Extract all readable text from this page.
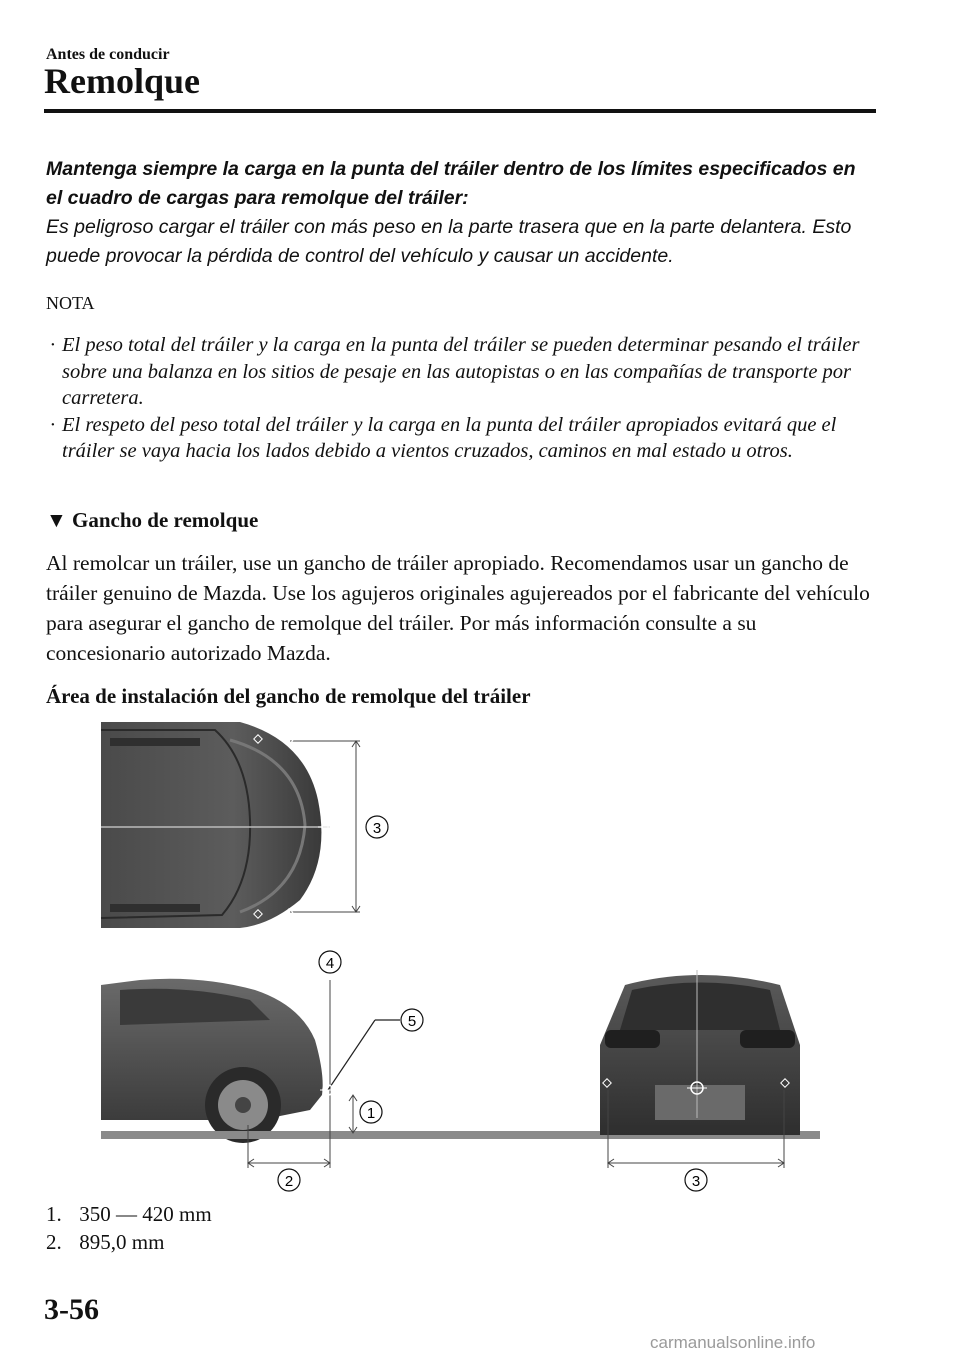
Antes de conducir
Remolque
Mantenga siempre la carga en la punta del tráiler dentro de los límites especificados en el cuadro de cargas para remolque del tráiler:
Es peligroso cargar el tráiler con más peso en la parte trasera que en la parte delantera. Esto puede provocar la pérdida de control del vehículo y causar un accidente.
NOTA
· El peso total del tráiler y la carga en la punta del tráiler se pueden determinar pesando el tráiler sobre una balanza en los sitios de pesaje en las autopistas o en las compañías de transporte por carretera.
· El respeto del peso total del tráiler y la carga en la punta del tráiler apropiados evitará que el tráiler se vaya hacia los lados debido a vientos cruzados, caminos en mal estado u otros.
▼ Gancho de remolque
Al remolcar un tráiler, use un gancho de tráiler apropiado. Recomendamos usar un gancho de tráiler genuino de Mazda. Use los agujeros originales agujereados por el fabricante del vehículo para asegurar el gancho de remolque del tráiler. Por más información consulte a su concesionario autorizado Mazda.
Área de instalación del gancho de remolque del tráiler
3
4
5
1
2	3
1. 350 ― 420 mm
2. 895,0 mm
3-56
carmanualsonline.info
